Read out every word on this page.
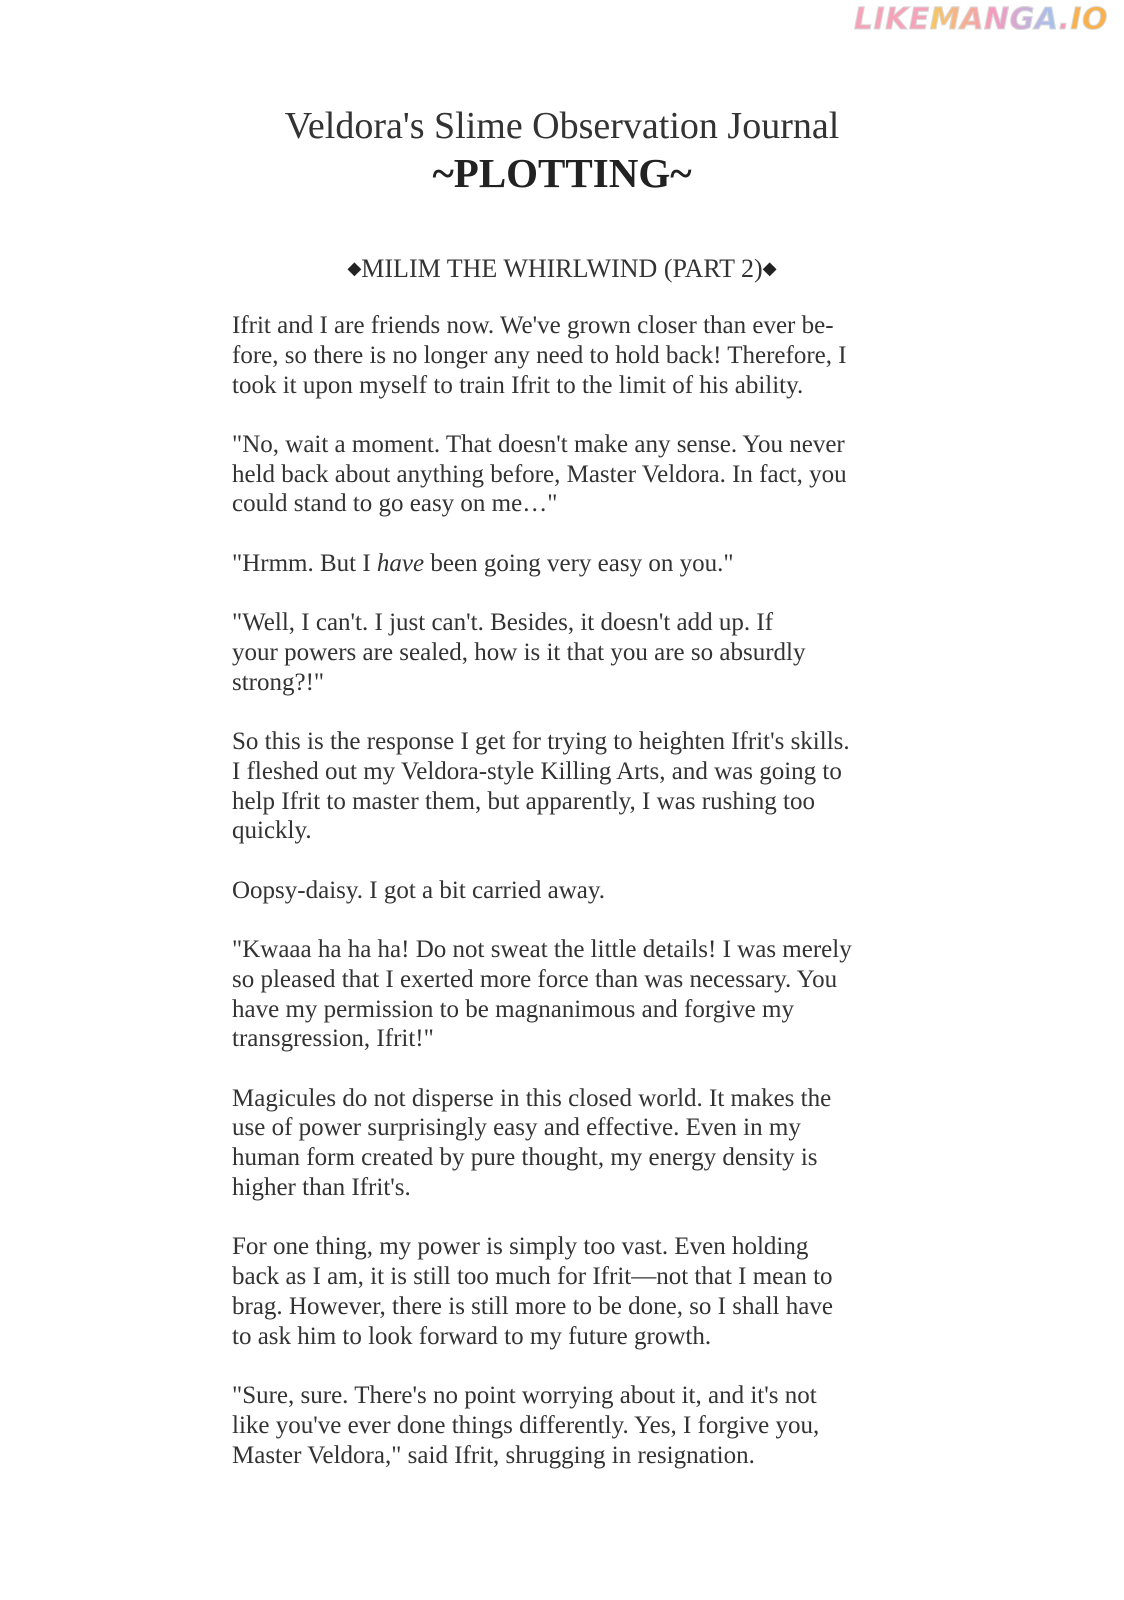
LIKE MANGA . IO
Veldora's Slime Observation Journal
~PLOTTING~
◆MILIM THE WHIRLWIND (PART 2)◆

Ifrit and I are friends now. We've grown closer than ever be-
fore, so there is no longer any need to hold back! Therefore, I
took it upon myself to train Ifrit to the limit of his ability.

"No, wait a moment. That doesn't make any sense. You never
held back about anything before, Master Veldora. In fact, you
could stand to go easy on me…"

"Hrmm. But I have been going very easy on you."

"Well, I can't. I just can't. Besides, it doesn't add up. If
your powers are sealed, how is it that you are so absurdly
strong?!"

So this is the response I get for trying to heighten Ifrit's skills.
I fleshed out my Veldora-style Killing Arts, and was going to
help Ifrit to master them, but apparently, I was rushing too
quickly.

Oopsy-daisy. I got a bit carried away.

"Kwaaa ha ha ha! Do not sweat the little details! I was merely
so pleased that I exerted more force than was necessary. You
have my permission to be magnanimous and forgive my
transgression, Ifrit!"

Magicules do not disperse in this closed world. It makes the
use of power surprisingly easy and effective. Even in my
human form created by pure thought, my energy density is
higher than Ifrit's.

For one thing, my power is simply too vast. Even holding
back as I am, it is still too much for Ifrit—not that I mean to
brag. However, there is still more to be done, so I shall have
to ask him to look forward to my future growth.

"Sure, sure. There's no point worrying about it, and it's not
like you've ever done things differently. Yes, I forgive you,
Master Veldora," said Ifrit, shrugging in resignation.
